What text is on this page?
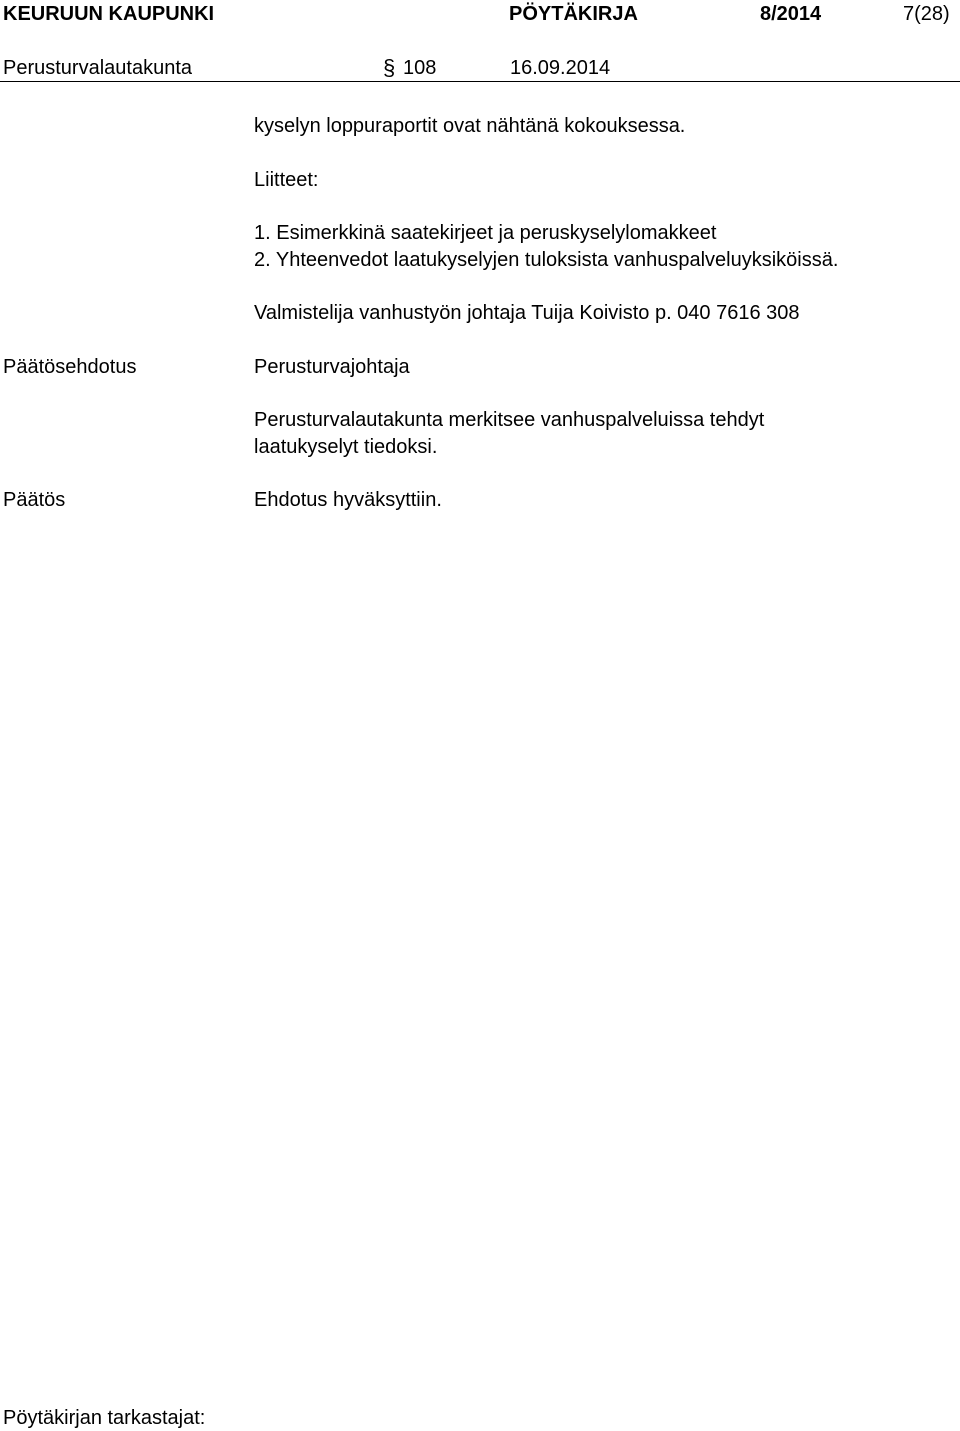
KEURUUN KAUPUNKI	PÖYTÄKIRJA	8/2014	7(28)
Perusturvalautakunta	§ 108	16.09.2014
kyselyn loppuraportit ovat nähtänä kokouksessa.
Liitteet:
1. Esimerkkinä saatekirjeet ja peruskyselylomakkeet
2. Yhteenvedot laatukyselyjen tuloksista vanhuspalveluyksiköissä.
Valmistelija vanhustyön johtaja Tuija Koivisto p. 040 7616 308
Päätösehdotus	Perusturvajohtaja
Perusturvalautakunta merkitsee vanhuspalveluissa tehdyt
laatukyselyt tiedoksi.
Päätös	Ehdotus hyväksyttiin.
Pöytäkirjan tarkastajat:
